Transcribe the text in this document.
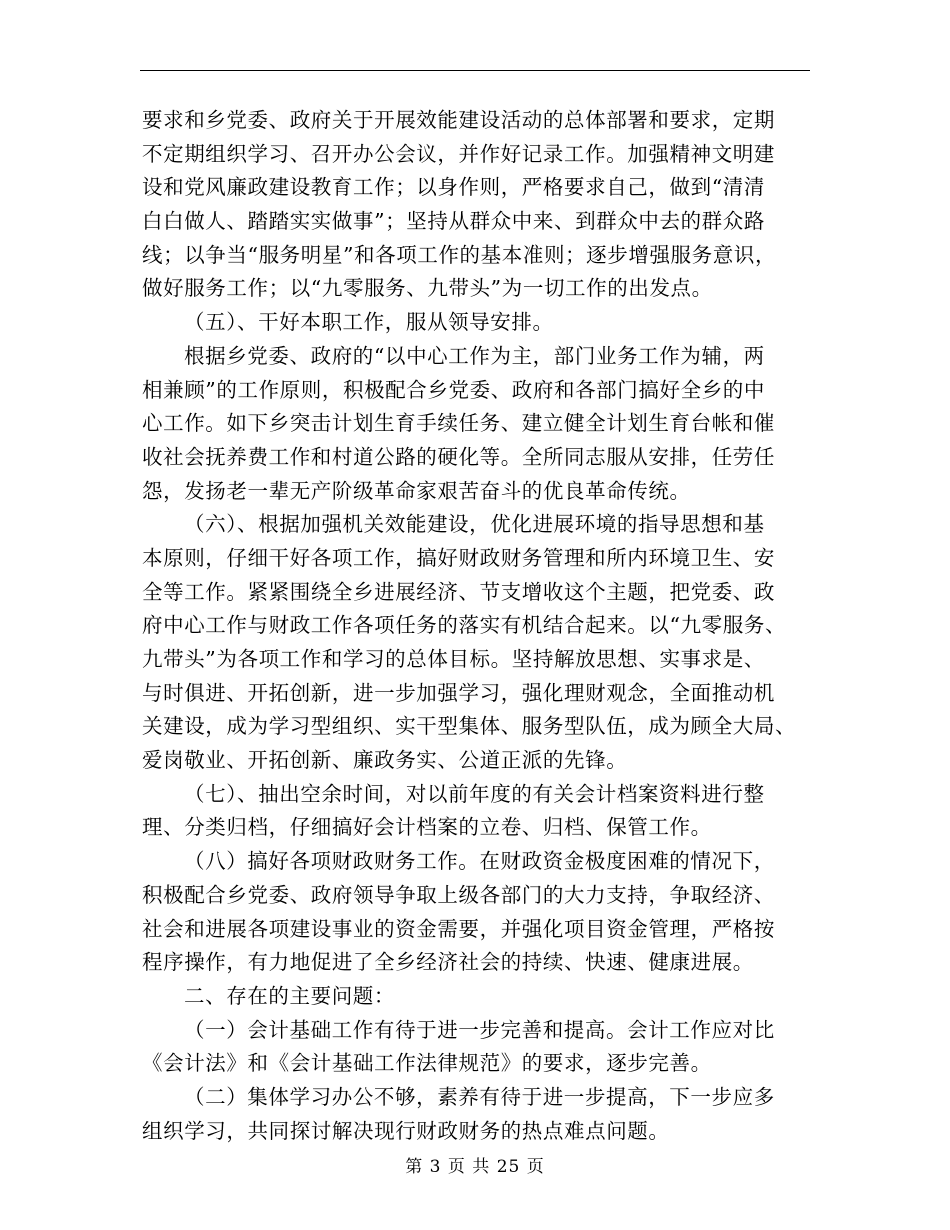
要求和乡党委、政府关于开展效能建设活动的总体部署和要求，定期
不定期组织学习、召开办公会议，并作好记录工作。加强精神文明建
设和党风廉政建设教育工作；以身作则，严格要求自己，做到“清清
白白做人、踏踏实实做事”；坚持从群众中来、到群众中去的群众路
线；以争当“服务明星”和各项工作的基本准则；逐步增强服务意识，
做好服务工作；以“九零服务、九带头”为一切工作的出发点。
（五）、干好本职工作，服从领导安排。
根据乡党委、政府的“以中心工作为主，部门业务工作为辅，两
相兼顾”的工作原则，积极配合乡党委、政府和各部门搞好全乡的中
心工作。如下乡突击计划生育手续任务、建立健全计划生育台帐和催
收社会抚养费工作和村道公路的硬化等。全所同志服从安排，任劳任
怨，发扬老一辈无产阶级革命家艰苦奋斗的优良革命传统。
（六）、根据加强机关效能建设，优化进展环境的指导思想和基
本原则，仔细干好各项工作，搞好财政财务管理和所内环境卫生、安
全等工作。紧紧围绕全乡进展经济、节支增收这个主题，把党委、政
府中心工作与财政工作各项任务的落实有机结合起来。以“九零服务、
九带头”为各项工作和学习的总体目标。坚持解放思想、实事求是、
与时俱进、开拓创新，进一步加强学习，强化理财观念，全面推动机
关建设，成为学习型组织、实干型集体、服务型队伍，成为顾全大局、
爱岗敬业、开拓创新、廉政务实、公道正派的先锋。
（七）、抽出空余时间，对以前年度的有关会计档案资料进行整
理、分类归档，仔细搞好会计档案的立卷、归档、保管工作。
（八）搞好各项财政财务工作。在财政资金极度困难的情况下，
积极配合乡党委、政府领导争取上级各部门的大力支持，争取经济、
社会和进展各项建设事业的资金需要，并强化项目资金管理，严格按
程序操作，有力地促进了全乡经济社会的持续、快速、健康进展。
二、存在的主要问题：
（一）会计基础工作有待于进一步完善和提高。会计工作应对比
《会计法》和《会计基础工作法律规范》的要求，逐步完善。
（二）集体学习办公不够，素养有待于进一步提高，下一步应多
组织学习，共同探讨解决现行财政财务的热点难点问题。
第 3 页 共 25 页
